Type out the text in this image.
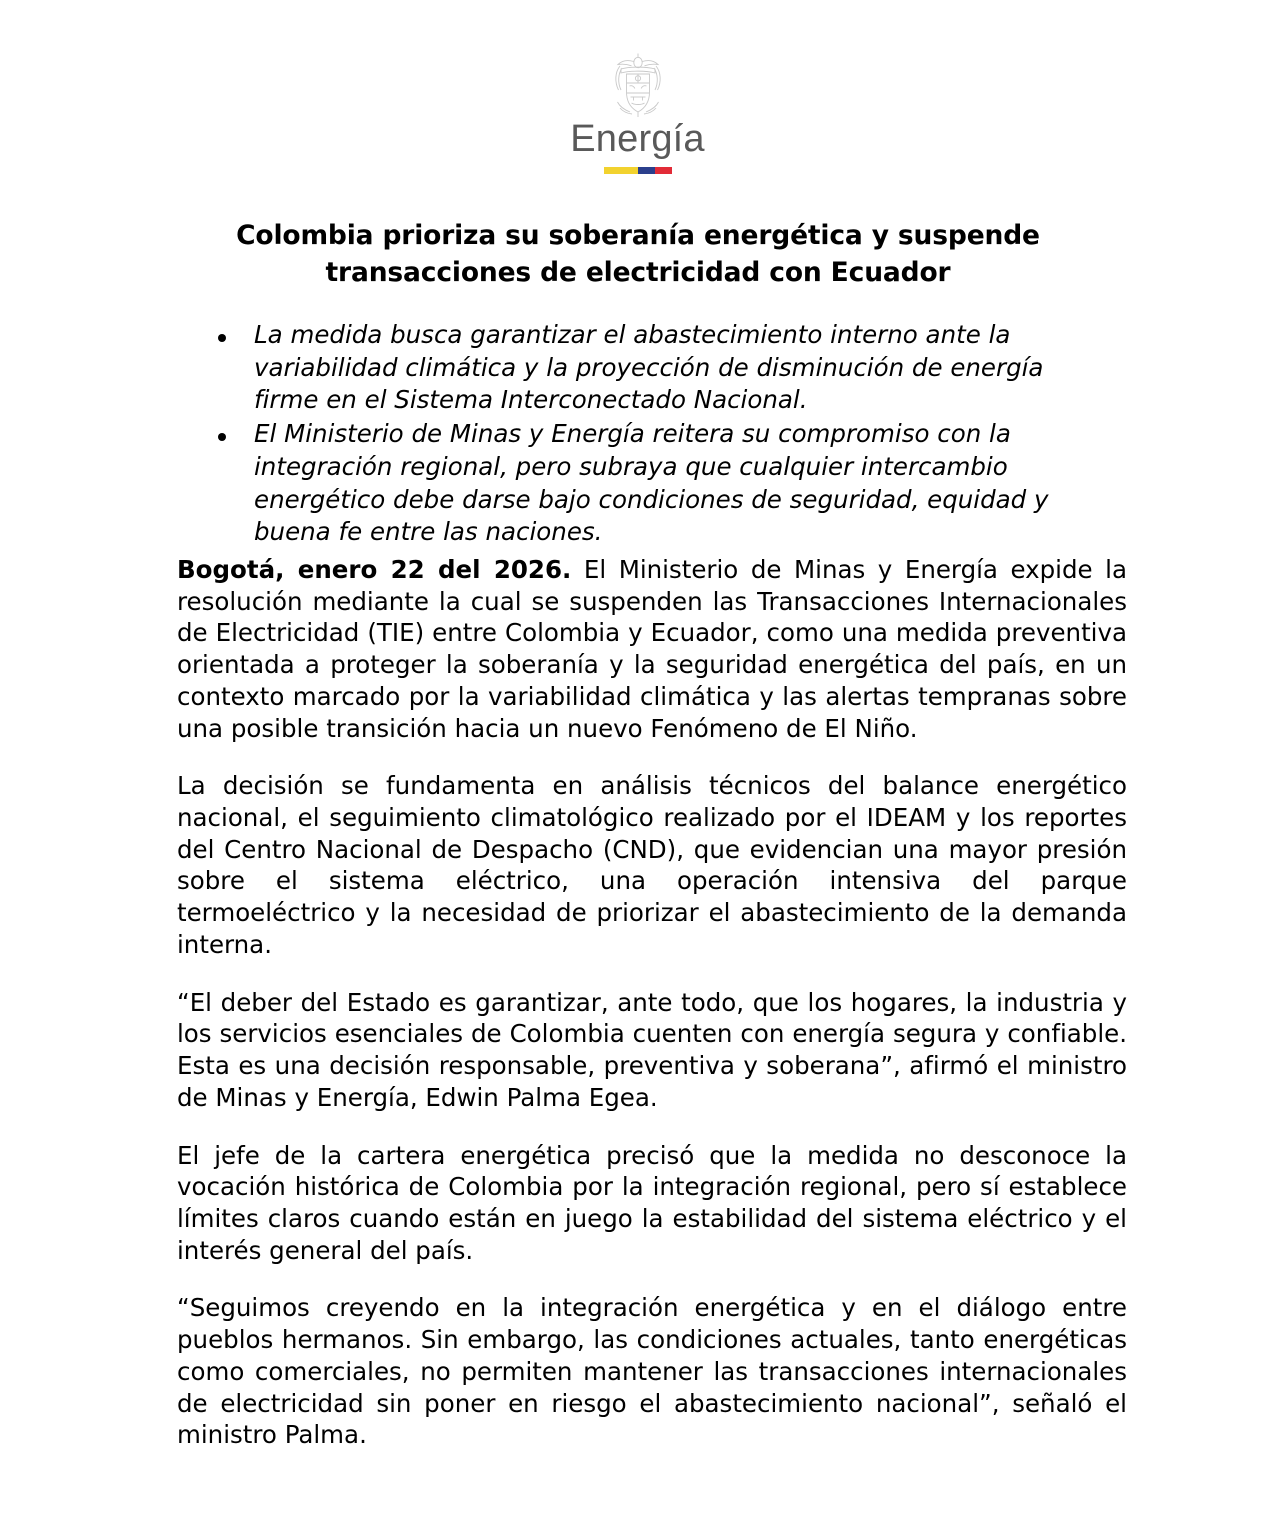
Energía
Colombia prioriza su soberanía energética y suspende transacciones de electricidad con Ecuador
La medida busca garantizar el abastecimiento interno ante la variabilidad climática y la proyección de disminución de energía firme en el Sistema Interconectado Nacional.
El Ministerio de Minas y Energía reitera su compromiso con la integración regional, pero subraya que cualquier intercambio energético debe darse bajo condiciones de seguridad, equidad y buena fe entre las naciones.

Bogotá, enero 22 del 2026. El Ministerio de Minas y Energía expide la resolución mediante la cual se suspenden las Transacciones Internacionales de Electricidad (TIE) entre Colombia y Ecuador, como una medida preventiva orientada a proteger la soberanía y la seguridad energética del país, en un contexto marcado por la variabilidad climática y las alertas tempranas sobre una posible transición hacia un nuevo Fenómeno de El Niño.

La decisión se fundamenta en análisis técnicos del balance energético nacional, el seguimiento climatológico realizado por el IDEAM y los reportes del Centro Nacional de Despacho (CND), que evidencian una mayor presión sobre el sistema eléctrico, una operación intensiva del parque termoeléctrico y la necesidad de priorizar el abastecimiento de la demanda interna.

“El deber del Estado es garantizar, ante todo, que los hogares, la industria y los servicios esenciales de Colombia cuenten con energía segura y confiable. Esta es una decisión responsable, preventiva y soberana”, afirmó el ministro de Minas y Energía, Edwin Palma Egea.

El jefe de la cartera energética precisó que la medida no desconoce la vocación histórica de Colombia por la integración regional, pero sí establece límites claros cuando están en juego la estabilidad del sistema eléctrico y el interés general del país.

“Seguimos creyendo en la integración energética y en el diálogo entre pueblos hermanos. Sin embargo, las condiciones actuales, tanto energéticas como comerciales, no permiten mantener las transacciones internacionales de electricidad sin poner en riesgo el abastecimiento nacional”, señaló el ministro Palma.
